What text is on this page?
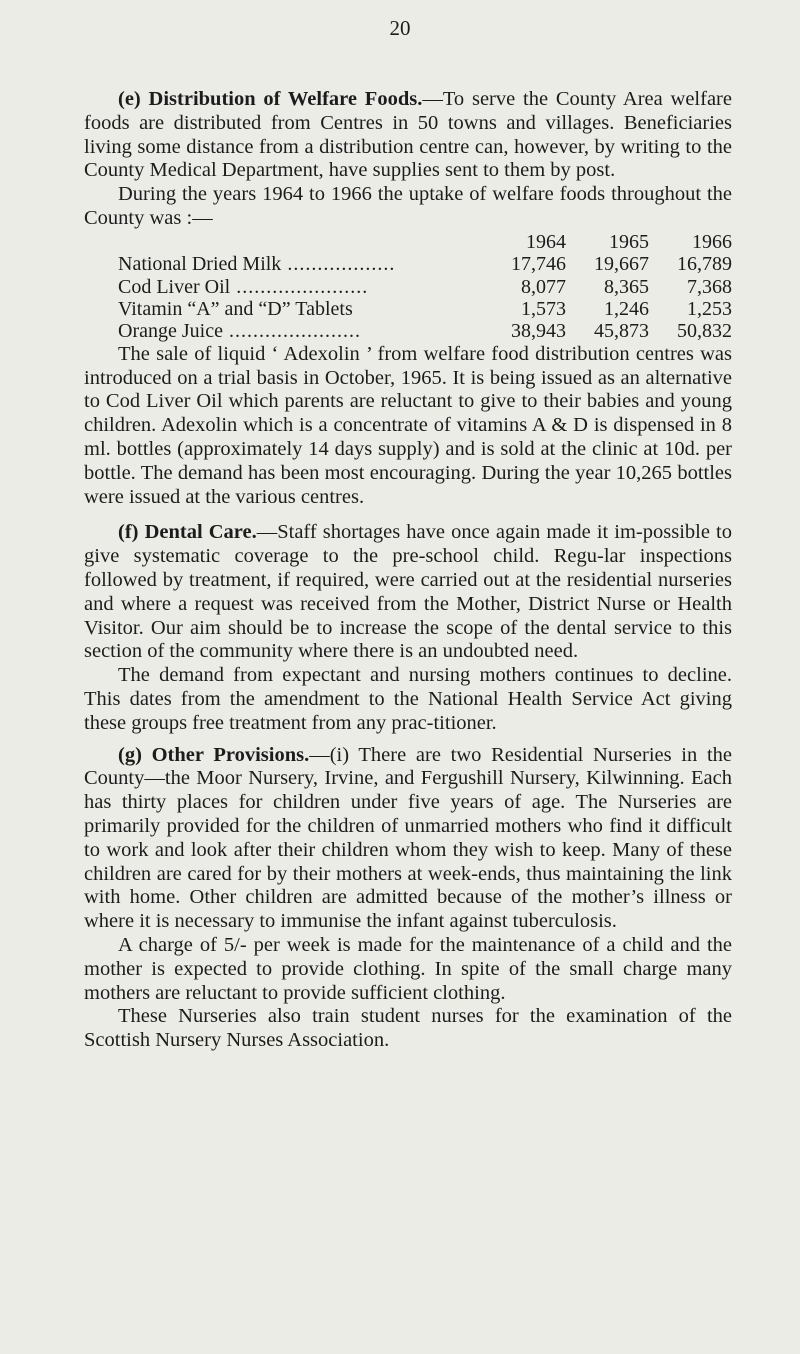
20

(e) Distribution of Welfare Foods.—To serve the County Area welfare foods are distributed from Centres in 50 towns and villages. Beneficiaries living some distance from a distribution centre can, however, by writing to the County Medical Department, have supplies sent to them by post.

During the years 1964 to 1966 the uptake of welfare foods throughout the County was :—

	1964	1965	1966
National Dried Milk ..................	17,746	19,667	16,789
Cod Liver Oil ......................	8,077	8,365	7,368
Vitamin “A” and “D” Tablets	1,573	1,246	1,253
Orange Juice ......................	38,943	45,873	50,832

The sale of liquid ‘ Adexolin ’ from welfare food distribution centres was introduced on a trial basis in October, 1965. It is being issued as an alternative to Cod Liver Oil which parents are reluctant to give to their babies and young children. Adexolin which is a concentrate of vitamins A & D is dispensed in 8 ml. bottles (approximately 14 days supply) and is sold at the clinic at 10d. per bottle. The demand has been most encouraging. During the year 10,265 bottles were issued at the various centres.

(f) Dental Care.—Staff shortages have once again made it im-possible to give systematic coverage to the pre-school child. Regu-lar inspections followed by treatment, if required, were carried out at the residential nurseries and where a request was received from the Mother, District Nurse or Health Visitor. Our aim should be to increase the scope of the dental service to this section of the community where there is an undoubted need.

The demand from expectant and nursing mothers continues to decline. This dates from the amendment to the National Health Service Act giving these groups free treatment from any prac-titioner.

(g) Other Provisions.—(i) There are two Residential Nurseries in the County—the Moor Nursery, Irvine, and Fergushill Nursery, Kilwinning. Each has thirty places for children under five years of age. The Nurseries are primarily provided for the children of unmarried mothers who find it difficult to work and look after their children whom they wish to keep. Many of these children are cared for by their mothers at week-ends, thus maintaining the link with home. Other children are admitted because of the mother’s illness or where it is necessary to immunise the infant against tuberculosis.

A charge of 5/- per week is made for the maintenance of a child and the mother is expected to provide clothing. In spite of the small charge many mothers are reluctant to provide sufficient clothing.

These Nurseries also train student nurses for the examination of the Scottish Nursery Nurses Association.
